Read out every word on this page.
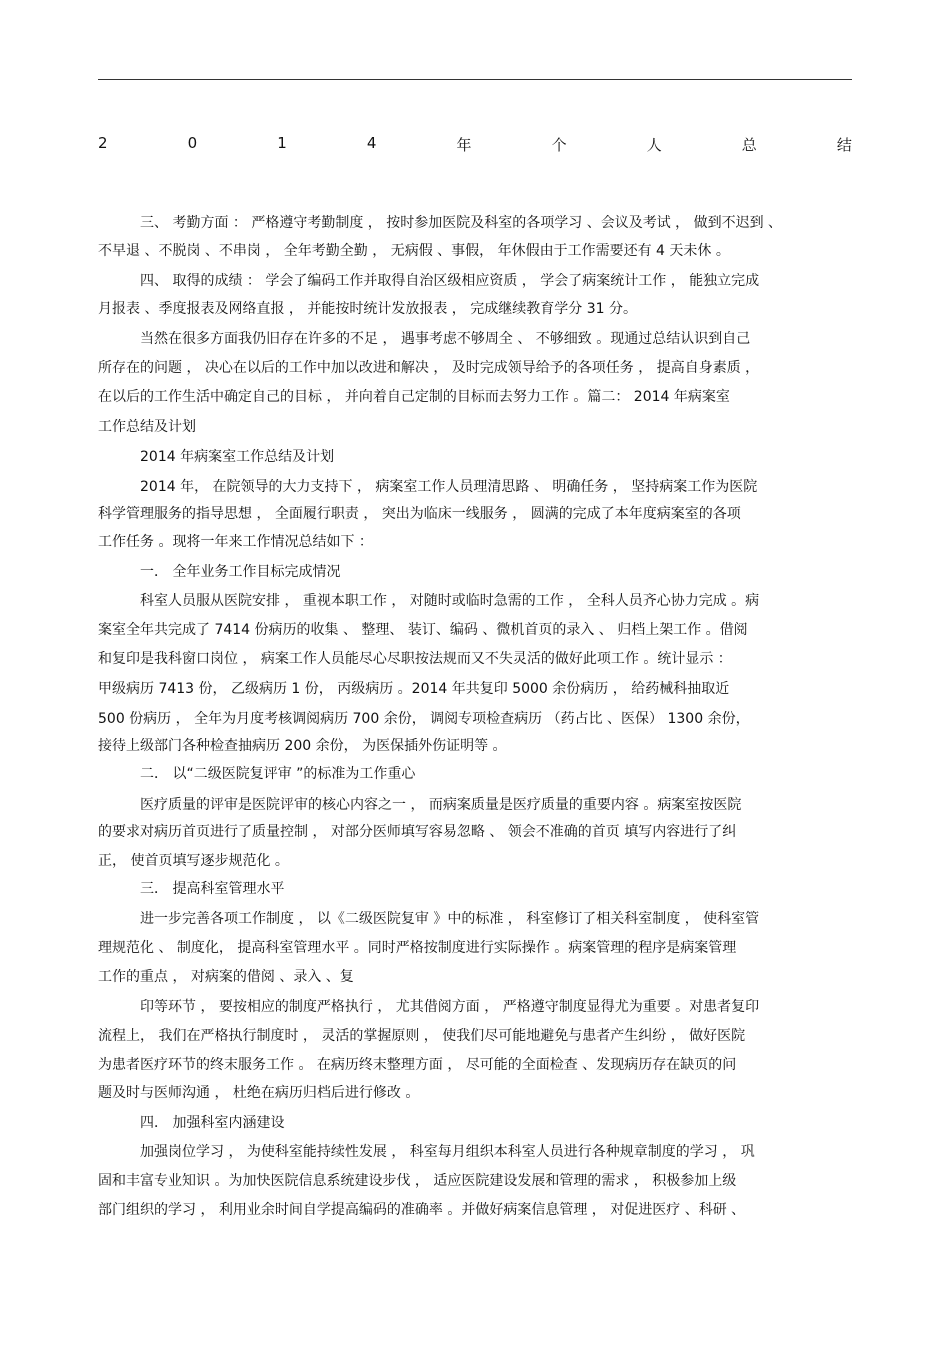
2	0	1	4	年	个	人	总	结
三、 考勤方面 ： 严格遵守考勤制度 ， 按时参加医院及科室的各项学习 、会议及考试 ， 做到不迟到 、
不早退 、不脱岗 、不串岗 ， 全年考勤全勤 ， 无病假 、事假， 年休假由于工作需要还有 4 天未休 。
四、 取得的成绩 ： 学会了编码工作并取得自治区级相应资质 ， 学会了病案统计工作 ， 能独立完成
月报表 、季度报表及网络直报 ， 并能按时统计发放报表 ， 完成继续教育学分 31 分。
当然在很多方面我仍旧存在许多的不足 ， 遇事考虑不够周全 、 不够细致 。现通过总结认识到自己
所存在的问题 ， 决心在以后的工作中加以改进和解决 ， 及时完成领导给予的各项任务 ， 提高自身素质 ，
在以后的工作生活中确定自己的目标 ， 并向着自己定制的目标而去努力工作 。篇二： 2014 年病案室
工作总结及计划
2014 年病案室工作总结及计划
2014 年， 在院领导的大力支持下 ， 病案室工作人员理清思路 、 明确任务 ， 坚持病案工作为医院
科学管理服务的指导思想 ， 全面履行职责 ， 突出为临床一线服务 ， 圆满的完成了本年度病案室的各项
工作任务 。现将一年来工作情况总结如下 ：
一． 全年业务工作目标完成情况
科室人员服从医院安排 ， 重视本职工作 ， 对随时或临时急需的工作 ， 全科人员齐心协力完成 。病
案室全年共完成了 7414 份病历的收集 、 整理、 装订、编码 、微机首页的录入 、 归档上架工作 。借阅
和复印是我科窗口岗位 ， 病案工作人员能尽心尽职按法规而又不失灵活的做好此项工作 。统计显示 ：
甲级病历 7413 份， 乙级病历 1 份， 丙级病历 。2014 年共复印 5000 余份病历 ， 给药械科抽取近
500 份病历 ， 全年为月度考核调阅病历 700 余份， 调阅专项检查病历 （药占比 、医保） 1300 余份，
接待上级部门各种检查抽病历 200 余份， 为医保插外伤证明等 。
二． 以“二级医院复评审 ”的标准为工作重心
医疗质量的评审是医院评审的核心内容之一 ， 而病案质量是医疗质量的重要内容 。病案室按医院
的要求对病历首页进行了质量控制 ， 对部分医师填写容易忽略 、 领会不准确的首页 填写内容进行了纠
正， 使首页填写逐步规范化 。
三． 提高科室管理水平
进一步完善各项工作制度 ， 以《二级医院复审 》中的标准 ， 科室修订了相关科室制度 ， 使科室管
理规范化 、 制度化， 提高科室管理水平 。同时严格按制度进行实际操作 。病案管理的程序是病案管理
工作的重点 ， 对病案的借阅 、录入 、复
印等环节 ， 要按相应的制度严格执行 ， 尤其借阅方面 ， 严格遵守制度显得尤为重要 。对患者复印
流程上， 我们在严格执行制度时 ， 灵活的掌握原则 ， 使我们尽可能地避免与患者产生纠纷 ， 做好医院
为患者医疗环节的终末服务工作 。 在病历终末整理方面 ， 尽可能的全面检查 、发现病历存在缺页的问
题及时与医师沟通 ， 杜绝在病历归档后进行修改 。
四． 加强科室内涵建设
加强岗位学习 ， 为使科室能持续性发展 ， 科室每月组织本科室人员进行各种规章制度的学习 ， 巩
固和丰富专业知识 。为加快医院信息系统建设步伐 ， 适应医院建设发展和管理的需求 ， 积极参加上级
部门组织的学习 ， 利用业余时间自学提高编码的准确率 。并做好病案信息管理 ， 对促进医疗 、科研 、
